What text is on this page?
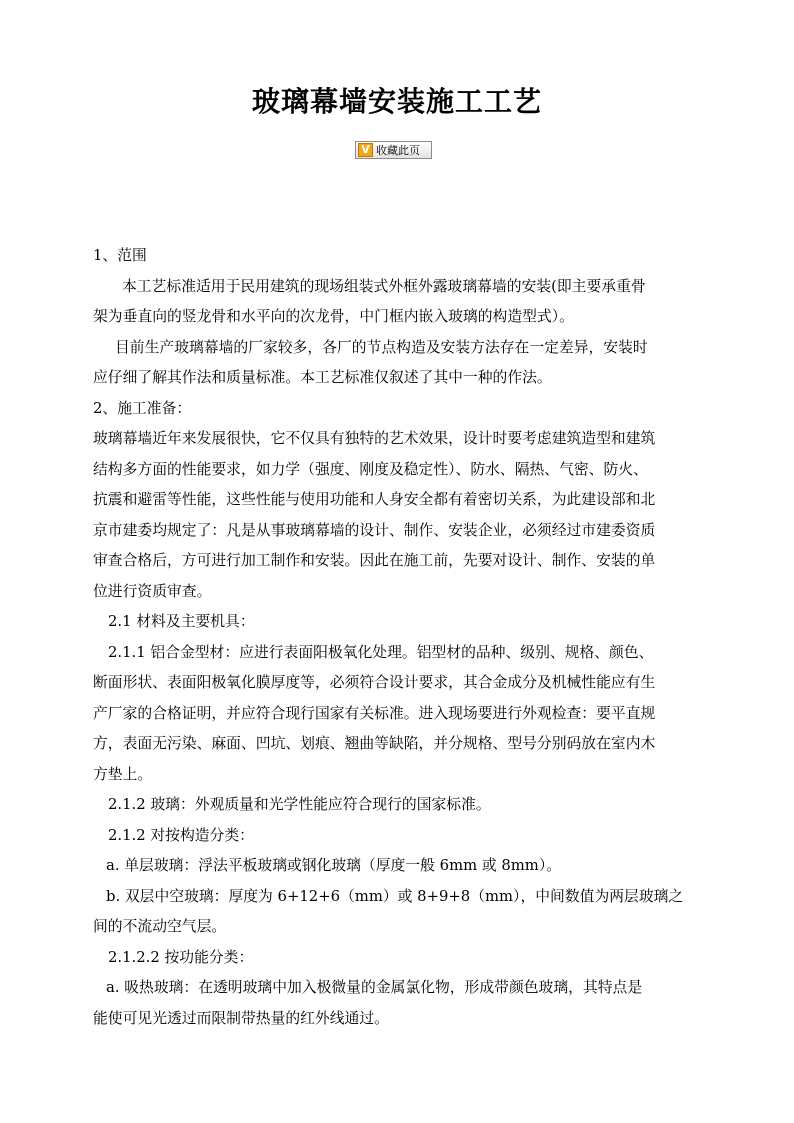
玻璃幕墙安装施工工艺
V 收藏此页
1、范围
本工艺标准适用于民用建筑的现场组装式外框外露玻璃幕墙的安装(即主要承重骨
架为垂直向的竖龙骨和水平向的次龙骨，中门框内嵌入玻璃的构造型式）。
目前生产玻璃幕墙的厂家较多，各厂的节点构造及安装方法存在一定差异，安装时
应仔细了解其作法和质量标准。本工艺标准仅叙述了其中一种的作法。
2、施工准备：
玻璃幕墙近年来发展很快，它不仅具有独特的艺术效果，设计时要考虑建筑造型和建筑
结构多方面的性能要求，如力学（强度、刚度及稳定性）、防水、隔热、气密、防火、
抗震和避雷等性能，这些性能与使用功能和人身安全都有着密切关系，为此建设部和北
京市建委均规定了：凡是从事玻璃幕墙的设计、制作、安装企业，必须经过市建委资质
审查合格后，方可进行加工制作和安装。因此在施工前，先要对设计、制作、安装的单
位进行资质审查。
2.1 材料及主要机具：
2.1.1 铝合金型材：应进行表面阳极氧化处理。铝型材的品种、级别、规格、颜色、
断面形状、表面阳极氧化膜厚度等，必须符合设计要求，其合金成分及机械性能应有生
产厂家的合格证明，并应符合现行国家有关标准。进入现场要进行外观检查：要平直规
方，表面无污染、麻面、凹坑、划痕、翘曲等缺陷，并分规格、型号分别码放在室内木
方垫上。
2.1.2 玻璃：外观质量和光学性能应符合现行的国家标准。
2.1.2 对按构造分类：
a. 单层玻璃：浮法平板玻璃或钢化玻璃（厚度一般 6mm 或 8mm）。
b. 双层中空玻璃：厚度为 6+12+6（mm）或 8+9+8（mm），中间数值为两层玻璃之
间的不流动空气层。
2.1.2.2 按功能分类：
a. 吸热玻璃：在透明玻璃中加入极微量的金属氯化物，形成带颜色玻璃，其特点是
能使可见光透过而限制带热量的红外线通过。
